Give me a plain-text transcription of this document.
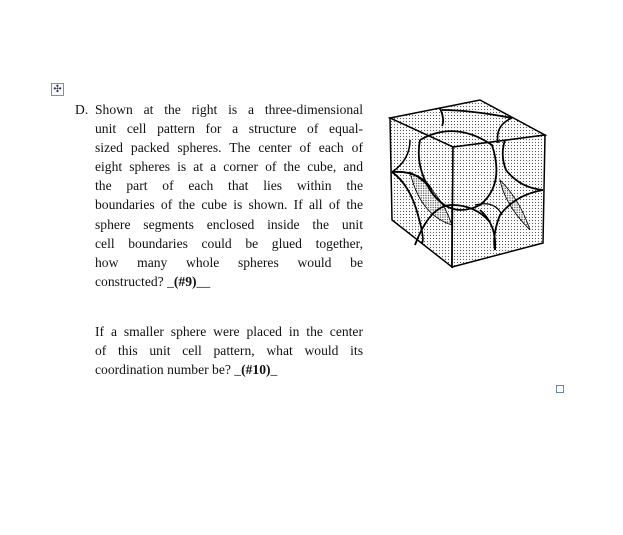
✣
D. Shown at the right is a three-dimensional
unit cell pattern for a structure of equal-
sized packed spheres. The center of each of
eight spheres is at a corner of the cube, and
the part of each that lies within the
boundaries of the cube is shown. If all of the
sphere segments enclosed inside the unit
cell boundaries could be glued together,
how many whole spheres would be
constructed? _(#9)__
If a smaller sphere were placed in the center
of this unit cell pattern, what would its
coordination number be? _(#10)_
